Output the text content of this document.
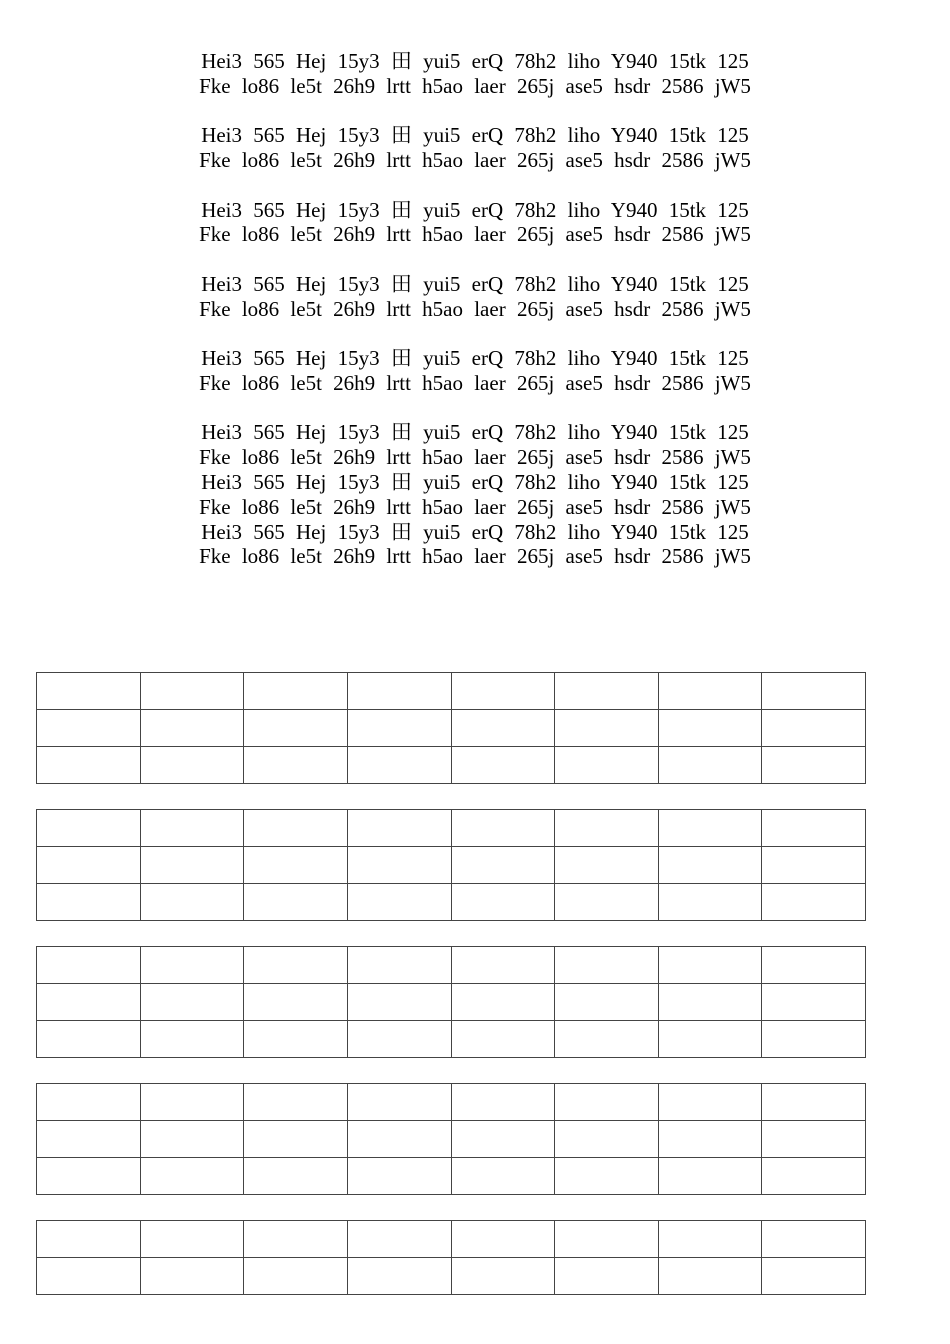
Hei3 565 Hej 15y3 田 yui5 erQ 78h2 liho Y940 15tk 125
Fke lo86 le5t 26h9 lrtt h5ao laer 265j ase5 hsdr 2586 jW5
Hei3 565 Hej 15y3 田 yui5 erQ 78h2 liho Y940 15tk 125
Fke lo86 le5t 26h9 lrtt h5ao laer 265j ase5 hsdr 2586 jW5
Hei3 565 Hej 15y3 田 yui5 erQ 78h2 liho Y940 15tk 125
Fke lo86 le5t 26h9 lrtt h5ao laer 265j ase5 hsdr 2586 jW5
Hei3 565 Hej 15y3 田 yui5 erQ 78h2 liho Y940 15tk 125
Fke lo86 le5t 26h9 lrtt h5ao laer 265j ase5 hsdr 2586 jW5
Hei3 565 Hej 15y3 田 yui5 erQ 78h2 liho Y940 15tk 125
Fke lo86 le5t 26h9 lrtt h5ao laer 265j ase5 hsdr 2586 jW5
Hei3 565 Hej 15y3 田 yui5 erQ 78h2 liho Y940 15tk 125
Fke lo86 le5t 26h9 lrtt h5ao laer 265j ase5 hsdr 2586 jW5
Hei3 565 Hej 15y3 田 yui5 erQ 78h2 liho Y940 15tk 125
Fke lo86 le5t 26h9 lrtt h5ao laer 265j ase5 hsdr 2586 jW5
Hei3 565 Hej 15y3 田 yui5 erQ 78h2 liho Y940 15tk 125
Fke lo86 le5t 26h9 lrtt h5ao laer 265j ase5 hsdr 2586 jW5
